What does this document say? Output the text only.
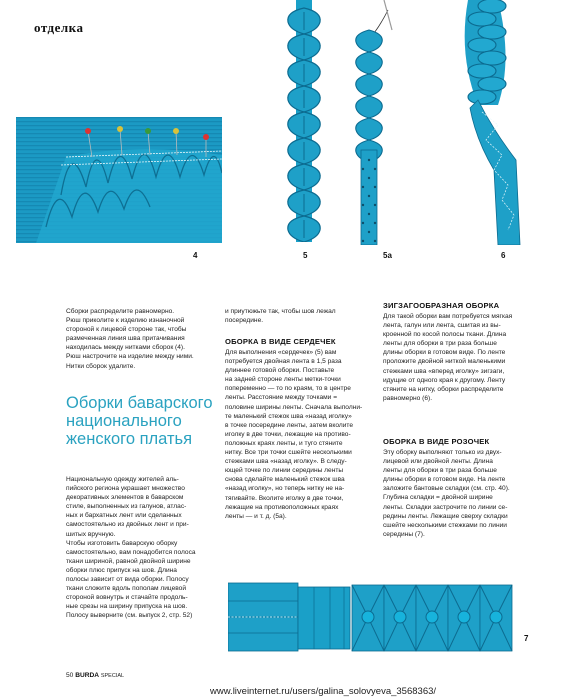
отделка
4	5	5a	6

Сборки распределите равномерно.

Рюш приколите к изделию изнаночной

стороной к лицевой стороне так, чтобы

размеченная линия шва притачивания

находилась между нитками сборок (4).

Рюш настрочите на изделие между ними.

Нитки сборок удалите.

Оборки баварского национального женского платья

Национальную одежду жителей аль-

пийского региона украшает множество

декоративных элементов в баварском

стиле, выполненных из галунов, атлас-

ных и бархатных лент или сделанных

самостоятельно из двойных лент и при-

шитых вручную.

Чтобы изготовить баварскую оборку

самостоятельно, вам понадобится полоса

ткани шириной, равной двойной ширине

оборки плюс припуск на шов. Длина

полосы зависит от вида оборки. Полосу

ткани сложите вдоль пополам лицевой

стороной вовнутрь и стачайте продоль-

ные срезы на ширину припуска на шов.

Полосу выверните (см. выпуск 2, стр. 52)

и приутюжьте так, чтобы шов лежал

посередине.

ОБОРКА В ВИДЕ СЕРДЕЧЕК

Для выполнения «сердечек» (5) вам

потребуется двойная лента в 1,5 раза

длиннее готовой оборки. Поставьте

на задней стороне ленты метки-точки

попеременно — то по краям, то в центре

ленты. Расстояние между точками =

половине ширины ленты. Сначала выполни-

те маленький стежок шва «назад иголку»

в точке посередине ленты, затем вколите

иголку в две точки, лежащие на противо-

положных краях ленты, и туго стяните

нитку. Все три точки сшейте несколькими

стежками шва «назад иголку». В следу-

ющей точке по линии середины ленты

снова сделайте маленький стежок шва

«назад иголку», но теперь нитку не на-

тягивайте. Вколите иголку в две точки,

лежащие на противоположных краях

ленты — и т. д. (5а).

ЗИГЗАГООБРАЗНАЯ ОБОРКА

Для такой оборки вам потребуется мягкая

лента, галун или лента, сшитая из вы-

кроенной по косой полосы ткани. Длина

ленты для оборки в три раза больше

длины оборки в готовом виде. По ленте

проложите двойной ниткой маленькими

стежками шва «вперед иголку» зигзаги,

идущие от одного края к другому. Ленту

стяните на нитку, оборки распределите

равномерно (6).

ОБОРКА В ВИДЕ РОЗОЧЕК

Эту оборку выполняют только из двух-

лицевой или двойной ленты. Длина

ленты для оборки в три раза больше

длины оборки в готовом виде. На ленте

заложите бантовые складки (см. стр. 40).

Глубина складки = двойной ширине

ленты. Складки застрочите по линии се-

редины ленты. Лежащие сверху складки

сшейте несколькими стежками по линии

середины (7).

7
50 BURDA SPECIAL
www.liveinternet.ru/users/galina_solovyeva_3568363/
